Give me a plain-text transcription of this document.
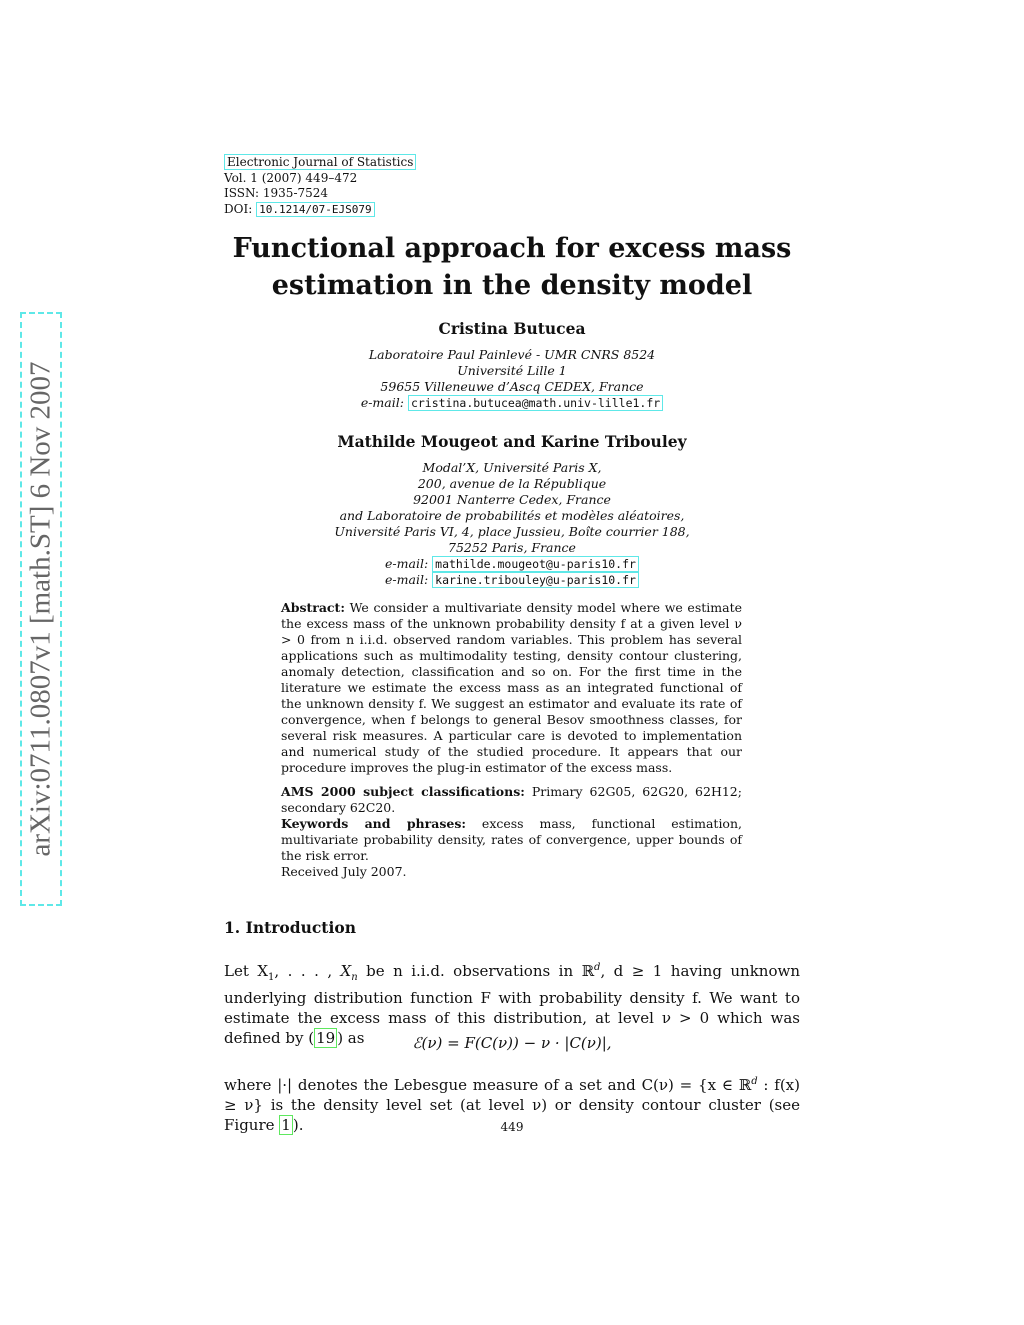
arXiv:0711.0807v1 [math.ST] 6 Nov 2007
Electronic Journal of Statistics
Vol. 1 (2007) 449–472
ISSN: 1935-7524
DOI: 10.1214/07-EJS079
Functional approach for excess mass
estimation in the density model
Cristina Butucea
Laboratoire Paul Painlevé - UMR CNRS 8524
Université Lille 1
59655 Villeneuwe d’Ascq CEDEX, France
e-mail: cristina.butucea@math.univ-lille1.fr
Mathilde Mougeot and Karine Tribouley
Modal’X, Université Paris X,
200, avenue de la République
92001 Nanterre Cedex, France
and Laboratoire de probabilités et modèles aléatoires,
Université Paris VI, 4, place Jussieu, Boîte courrier 188,
75252 Paris, France
e-mail: mathilde.mougeot@u-paris10.fr
e-mail: karine.tribouley@u-paris10.fr
Abstract: We consider a multivariate density model where we estimate the excess mass of the unknown probability density f at a given level ν > 0 from n i.i.d. observed random variables. This problem has several applications such as multimodality testing, density contour clustering, anomaly detection, classification and so on. For the first time in the literature we estimate the excess mass as an integrated functional of the unknown density f. We suggest an estimator and evaluate its rate of convergence, when f belongs to general Besov smoothness classes, for several risk measures. A particular care is devoted to implementation and numerical study of the studied procedure. It appears that our procedure improves the plug-in estimator of the excess mass.
AMS 2000 subject classifications: Primary 62G05, 62G20, 62H12; secondary 62C20.
Keywords and phrases: excess mass, functional estimation, multivariate probability density, rates of convergence, upper bounds of the risk error.
Received July 2007.
1. Introduction
Let $X_1$, . . . , $X_n$ be n i.i.d. observations in ℝ$^d$, d ≥ 1 having unknown underlying distribution function F with probability density f. We want to estimate the excess mass of this distribution, at level ν > 0 which was defined by ( 19 ) as	ℰ(ν) = F(C(ν)) − ν · |C(ν)|,
where |·| denotes the Lebesgue measure of a set and C(ν) = {x ∈ ℝ$^d$ : f(x) ≥ ν} is the density level set (at level ν) or density contour cluster (see Figure 1 ).	449
